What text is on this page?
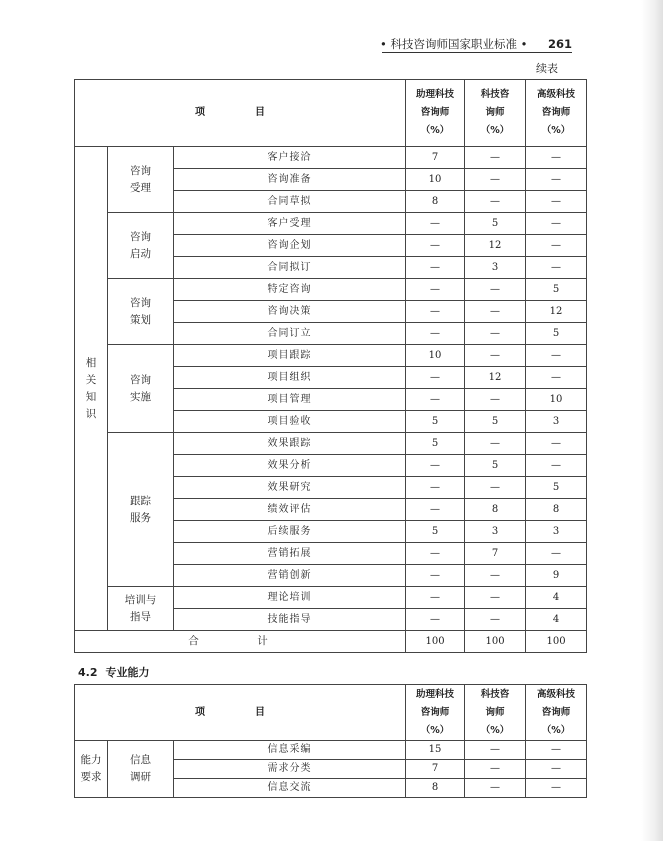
• 科技咨询师国家职业标准 • 261
续表
项　目			助理科技
咨询师
（%）	科技咨
询师
（%）	高级科技
咨询师
（%）

相
关
知
识	咨询
受理	客户接洽	7	—	—
		咨询准备	10	—	—
		合同草拟	8	—	—

	咨询
启动	客户受理	—	5	—
		咨询企划	—	12	—
		合同拟订	—	3	—

	咨询
策划	特定咨询	—	—	5
		咨询决策	—	—	12
		合同订立	—	—	5

	咨询
实施	项目跟踪	10	—	—
		项目组织	—	12	—
		项目管理	—	—	10
		项目验收	5	5	3

	跟踪
服务	效果跟踪	5	—	—
		效果分析	—	5	—
		效果研究	—	—	5
		绩效评估	—	8	8
		后续服务	5	3	3
		营销拓展	—	7	—
		营销创新	—	—	9

	培训与
指导	理论培训	—	—	4
		技能指导	—	—	4
合　计			100	100	100
4.2 专业能力
项　目			助理科技
咨询师
（%）	科技咨
询师
（%）	高级科技
咨询师
（%）

能力
要求	信息
调研	信息采编	15	—	—
		需求分类	7	—	—
		信息交流	8	—	—
